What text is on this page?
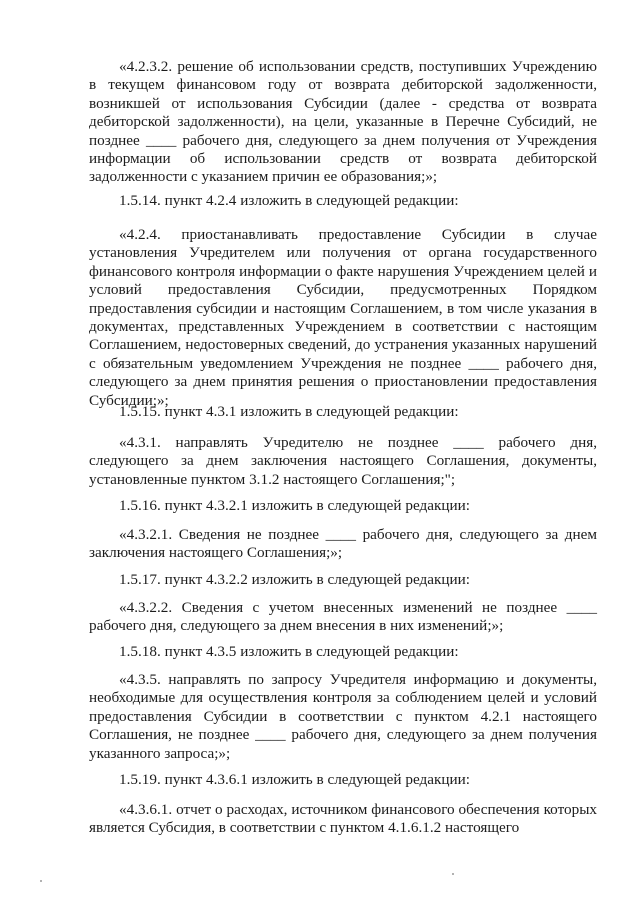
«4.2.3.2. решение об использовании средств, поступивших Учреждению в текущем финансовом году от возврата дебиторской задолженности, возникшей от использования Субсидии (далее - средства от возврата дебиторской задолженности), на цели, указанные в Перечне Субсидий, не позднее ____ рабочего дня, следующего за днем получения от Учреждения информации об использовании средств от возврата дебиторской задолженности с указанием причин ее образования;»;

1.5.14. пункт 4.2.4 изложить в следующей редакции:

«4.2.4. приостанавливать предоставление Субсидии в случае установления Учредителем или получения от органа государственного финансового контроля информации о факте нарушения Учреждением целей и условий предоставления Субсидии, предусмотренных Порядком предоставления субсидии и настоящим Соглашением, в том числе указания в документах, представленных Учреждением в соответствии с настоящим Соглашением, недостоверных сведений, до устранения указанных нарушений с обязательным уведомлением Учреждения не позднее ____ рабочего дня, следующего за днем принятия решения о приостановлении предоставления Субсидии;»;

1.5.15. пункт 4.3.1 изложить в следующей редакции:

«4.3.1. направлять Учредителю не позднее ____ рабочего дня, следующего за днем заключения настоящего Соглашения, документы, установленные пунктом 3.1.2 настоящего Соглашения;";

1.5.16. пункт 4.3.2.1 изложить в следующей редакции:

«4.3.2.1. Сведения не позднее ____ рабочего дня, следующего за днем заключения настоящего Соглашения;»;

1.5.17. пункт 4.3.2.2 изложить в следующей редакции:

«4.3.2.2. Сведения с учетом внесенных изменений не позднее ____ рабочего дня, следующего за днем внесения в них изменений;»;

1.5.18. пункт 4.3.5 изложить в следующей редакции:

«4.3.5. направлять по запросу Учредителя информацию и документы, необходимые для осуществления контроля за соблюдением целей и условий предоставления Субсидии в соответствии с пунктом 4.2.1 настоящего Соглашения, не позднее ____ рабочего дня, следующего за днем получения указанного запроса;»;

1.5.19. пункт 4.3.6.1 изложить в следующей редакции:

«4.3.6.1. отчет о расходах, источником финансового обеспечения которых является Субсидия, в соответствии с пунктом 4.1.6.1.2 настоящего
